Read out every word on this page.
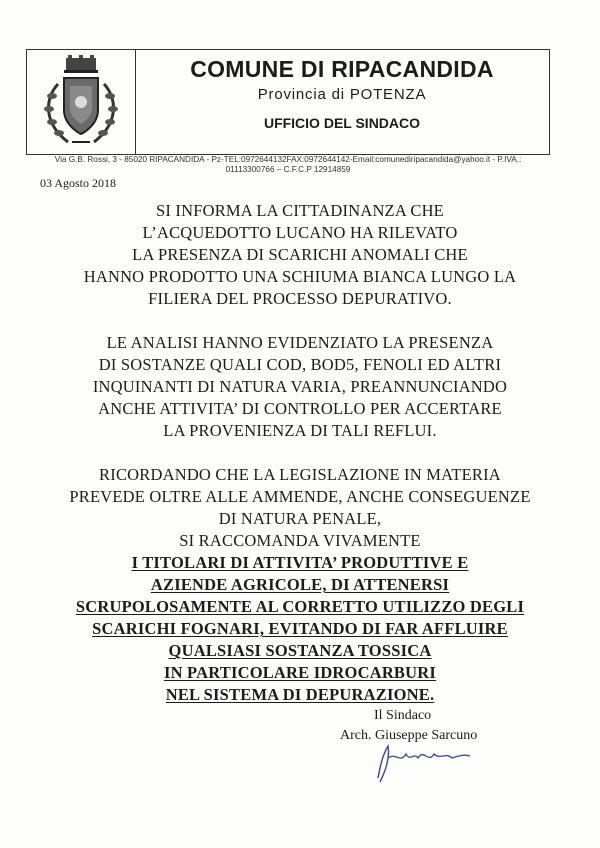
COMUNE DI RIPACANDIDA
Provincia di POTENZA
UFFICIO DEL SINDACO
Via G.B. Rossi, 3 - 85020 RIPACANDIDA - Pz-TEL:0972644132FAX:0972644142-Email:comunediripacandida@yahoo.it - P.IVA.:
01113300766 – C.F.C.P 12914859
03 Agosto 2018

SI INFORMA LA CITTADINANZA CHE

L’ACQUEDOTTO LUCANO HA RILEVATO

LA PRESENZA DI SCARICHI ANOMALI CHE

HANNO PRODOTTO UNA SCHIUMA BIANCA LUNGO LA

FILIERA DEL PROCESSO DEPURATIVO.

LE ANALISI HANNO EVIDENZIATO LA PRESENZA

DI SOSTANZE QUALI COD, BOD5, FENOLI ED ALTRI

INQUINANTI DI NATURA VARIA, PREANNUNCIANDO

ANCHE ATTIVITA’ DI CONTROLLO PER ACCERTARE

LA PROVENIENZA DI TALI REFLUI.

RICORDANDO CHE LA LEGISLAZIONE IN MATERIA

PREVEDE OLTRE ALLE AMMENDE, ANCHE CONSEGUENZE

DI NATURA PENALE,

SI RACCOMANDA VIVAMENTE

I TITOLARI DI ATTIVITA’ PRODUTTIVE E

AZIENDE AGRICOLE, DI ATTENERSI

SCRUPOLOSAMENTE AL CORRETTO UTILIZZO DEGLI

SCARICHI FOGNARI, EVITANDO DI FAR AFFLUIRE

QUALSIASI SOSTANZA TOSSICA

IN PARTICOLARE IDROCARBURI

NEL SISTEMA DI DEPURAZIONE.

Il Sindaco
Arch. Giuseppe Sarcuno
